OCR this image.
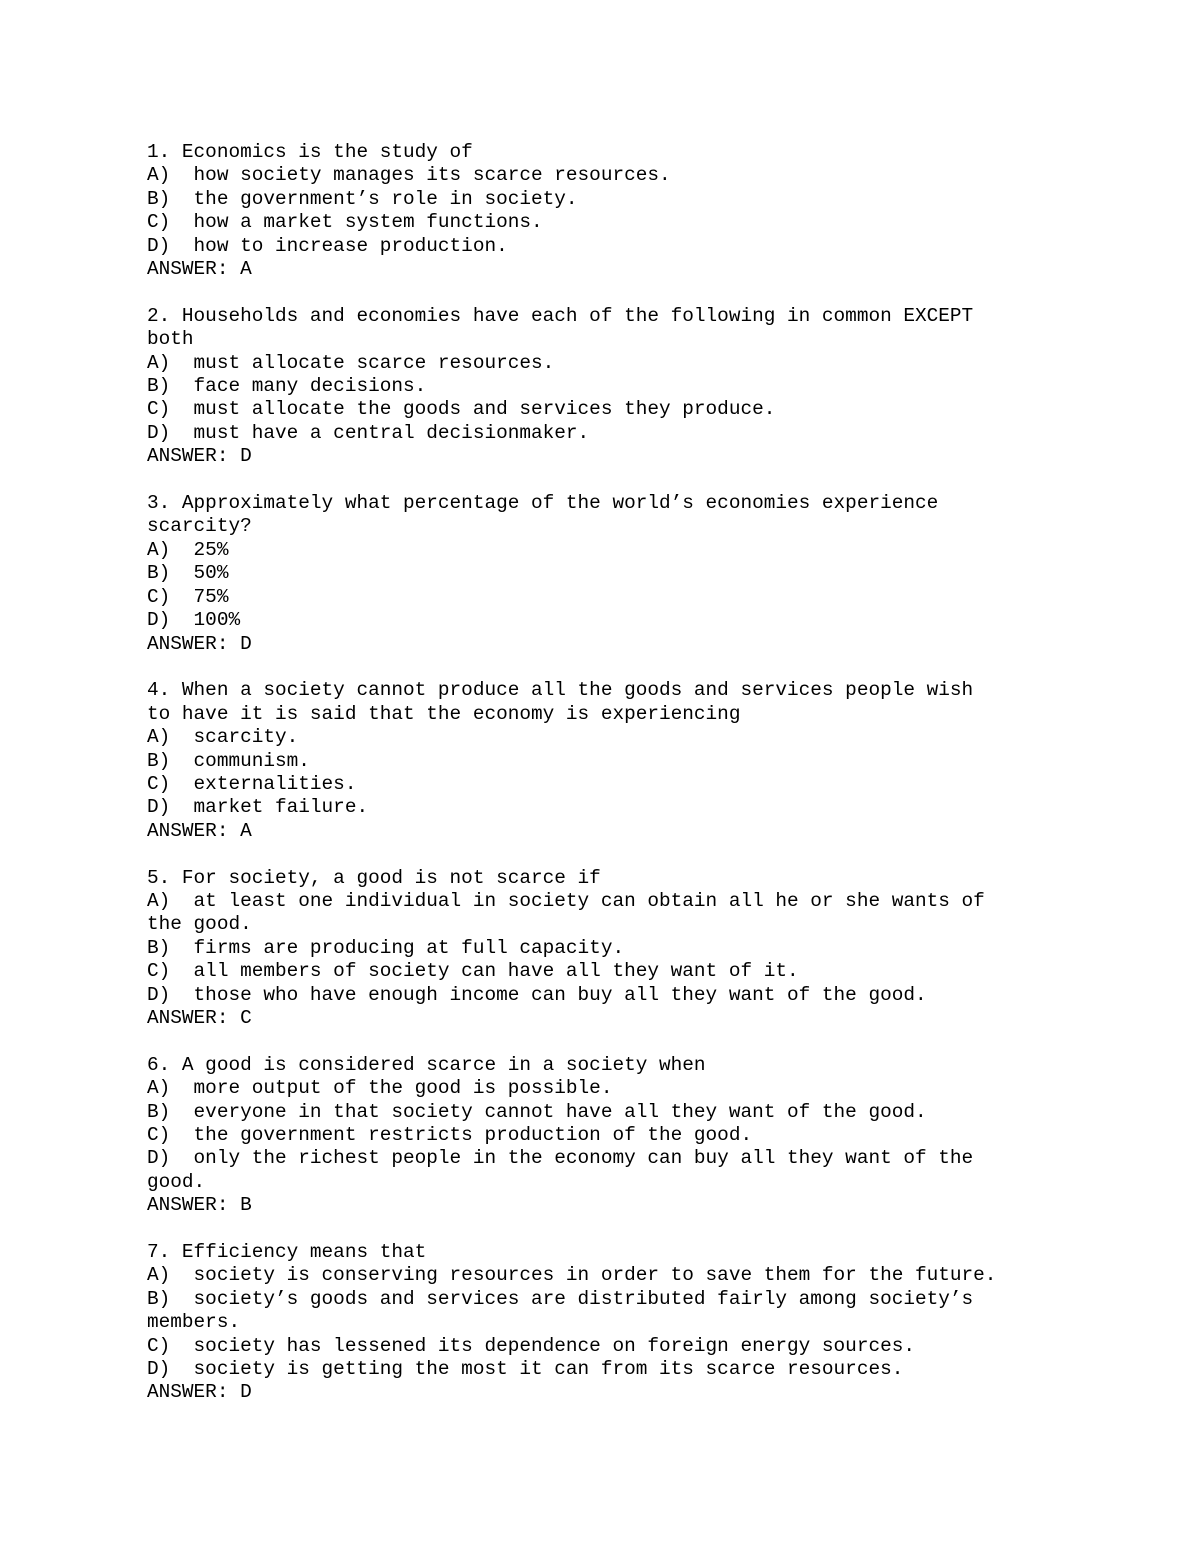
1. Economics is the study of
A)  how society manages its scarce resources.
B)  the government’s role in society.
C)  how a market system functions.
D)  how to increase production.
ANSWER: A
2. Households and economies have each of the following in common EXCEPT
both
A)  must allocate scarce resources.
B)  face many decisions.
C)  must allocate the goods and services they produce.
D)  must have a central decisionmaker.
ANSWER: D
3. Approximately what percentage of the world’s economies experience
scarcity?
A)  25%
B)  50%
C)  75%
D)  100%
ANSWER: D
4. When a society cannot produce all the goods and services people wish
to have it is said that the economy is experiencing
A)  scarcity.
B)  communism.
C)  externalities.
D)  market failure.
ANSWER: A
5. For society, a good is not scarce if
A)  at least one individual in society can obtain all he or she wants of
the good.
B)  firms are producing at full capacity.
C)  all members of society can have all they want of it.
D)  those who have enough income can buy all they want of the good.
ANSWER: C
6. A good is considered scarce in a society when
A)  more output of the good is possible.
B)  everyone in that society cannot have all they want of the good.
C)  the government restricts production of the good.
D)  only the richest people in the economy can buy all they want of the
good.
ANSWER: B
7. Efficiency means that
A)  society is conserving resources in order to save them for the future.
B)  society’s goods and services are distributed fairly among society’s
members.
C)  society has lessened its dependence on foreign energy sources.
D)  society is getting the most it can from its scarce resources.
ANSWER: D
